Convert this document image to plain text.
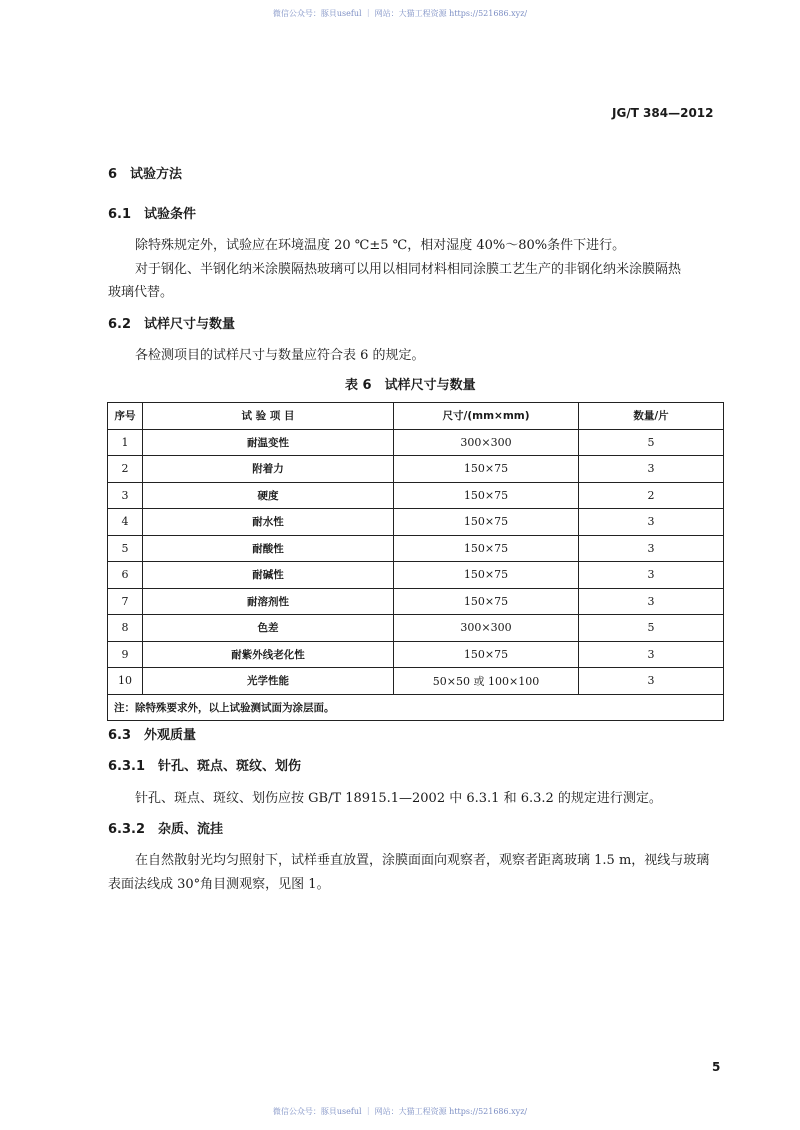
微信公众号：豚貝useful ｜ 网站：大猫工程资源 https://521686.xyz/
JG/T 384—2012
6　试验方法
6.1　试验条件
除特殊规定外，试验应在环境温度 20 ℃±5 ℃，相对湿度 40%～80%条件下进行。
对于钢化、半钢化纳米涂膜隔热玻璃可以用以相同材料相同涂膜工艺生产的非钢化纳米涂膜隔热
玻璃代替。
6.2　试样尺寸与数量
各检测项目的试样尺寸与数量应符合表 6 的规定。
表 6　试样尺寸与数量
序号	试 验 项 目	尺寸/(mm×mm)	数量/片
1	耐温变性	300×300	5
2	附着力	150×75	3
3	硬度	150×75	2
4	耐水性	150×75	3
5	耐酸性	150×75	3
6	耐碱性	150×75	3
7	耐溶剂性	150×75	3
8	色差	300×300	5
9	耐紫外线老化性	150×75	3
10	光学性能	50×50 或 100×100	3
注：除特殊要求外，以上试验测试面为涂层面。			
6.3　外观质量
6.3.1　针孔、斑点、斑纹、划伤
针孔、斑点、斑纹、划伤应按 GB/T 18915.1—2002 中 6.3.1 和 6.3.2 的规定进行测定。
6.3.2　杂质、流挂
在自然散射光均匀照射下，试样垂直放置，涂膜面面向观察者，观察者距离玻璃 1.5 m，视线与玻璃
表面法线成 30°角目测观察，见图 1。
5
微信公众号：豚貝useful ｜ 网站：大猫工程资源 https://521686.xyz/
